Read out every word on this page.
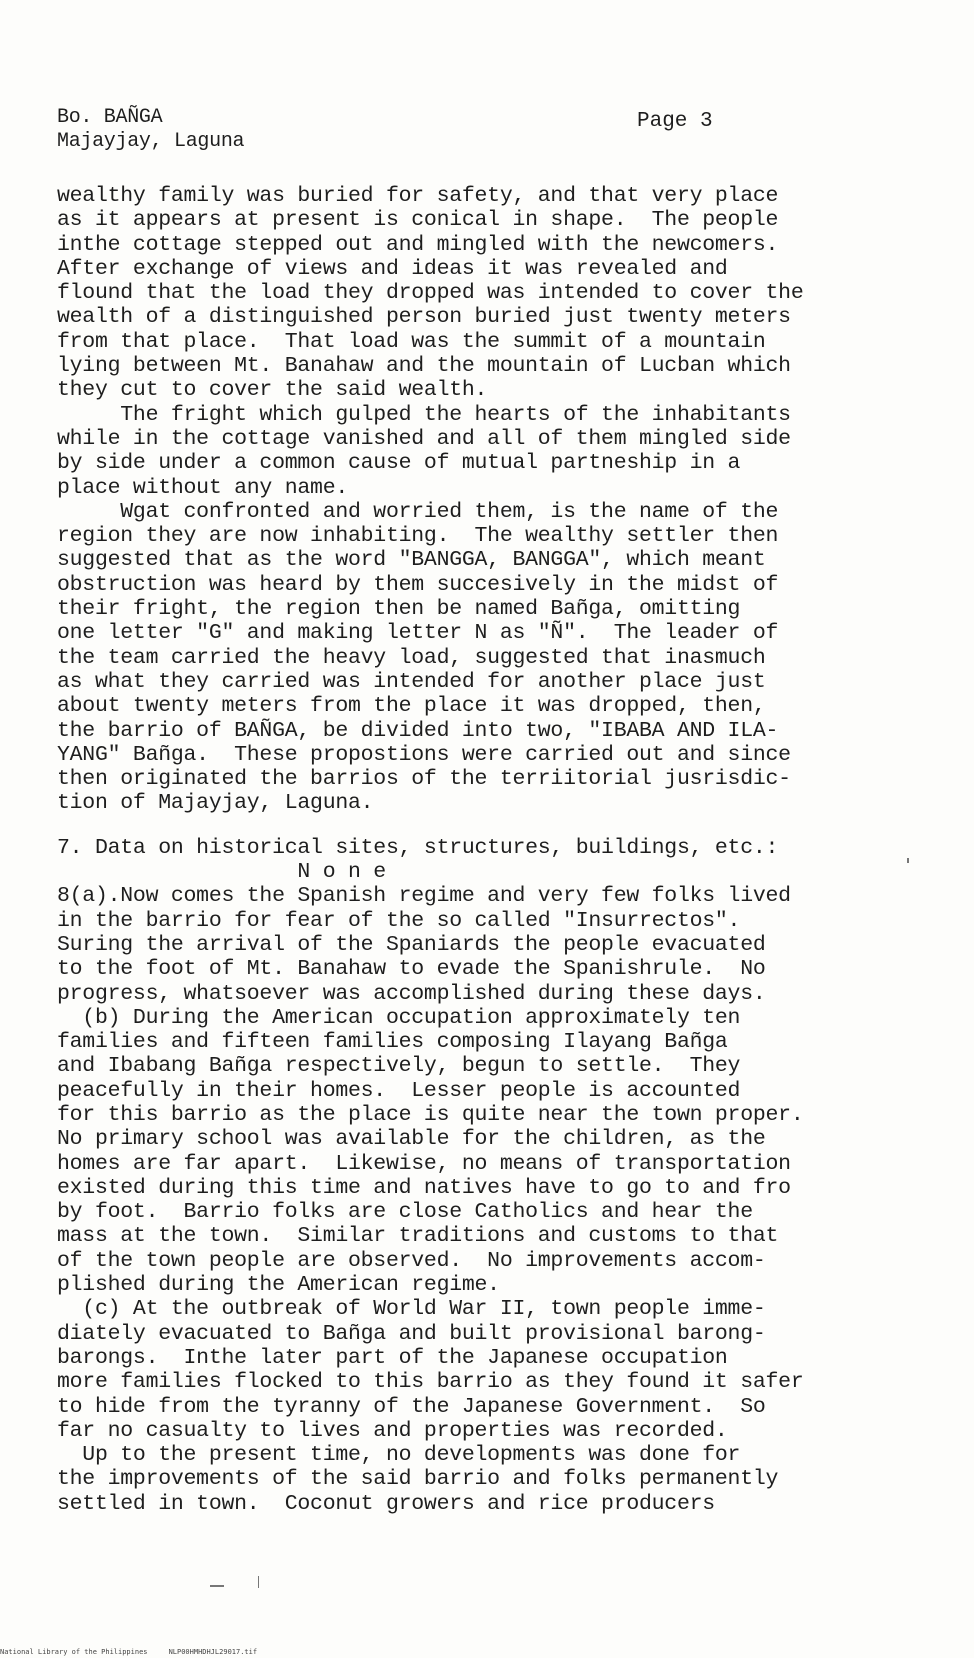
Bo. BAÑGA
Majayjay, Laguna
Page 3
wealthy family was buried for safety, and that very place
as it appears at present is conical in shape.  The people
inthe cottage stepped out and mingled with the newcomers.
After exchange of views and ideas it was revealed and
flound that the load they dropped was intended to cover the
wealth of a distinguished person buried just twenty meters
from that place.  That load was the summit of a mountain
lying between Mt. Banahaw and the mountain of Lucban which
they cut to cover the said wealth.
The fright which gulped the hearts of the inhabitants
while in the cottage vanished and all of them mingled side
by side under a common cause of mutual partneship in a
place without any name.
Wgat confronted and worried them, is the name of the
region they are now inhabiting.  The wealthy settler then
suggested that as the word "BANGGA, BANGGA", which meant
obstruction was heard by them succesively in the midst of
their fright, the region then be named Bañga, omitting
one letter "G" and making letter N as "Ñ".  The leader of
the team carried the heavy load, suggested that inasmuch
as what they carried was intended for another place just
about twenty meters from the place it was dropped, then,
the barrio of BAÑGA, be divided into two, "IBABA AND ILA-
YANG" Bañga.  These propostions were carried out and since
then originated the barrios of the terriitorial jusrisdic-
tion of Majayjay, Laguna.
7. Data on historical sites, structures, buildings, etc.:
N o n e
8(a).Now comes the Spanish regime and very few folks lived
in the barrio for fear of the so called "Insurrectos".
Suring the arrival of the Spaniards the people evacuated
to the foot of Mt. Banahaw to evade the Spanishrule.  No
progress, whatsoever was accomplished during these days.
(b) During the American occupation approximately ten
families and fifteen families composing Ilayang Bañga
and Ibabang Bañga respectively, begun to settle.  They
peacefully in their homes.  Lesser people is accounted
for this barrio as the place is quite near the town proper.
No primary school was available for the children, as the
homes are far apart.  Likewise, no means of transportation
existed during this time and natives have to go to and fro
by foot.  Barrio folks are close Catholics and hear the
mass at the town.  Similar traditions and customs to that
of the town people are observed.  No improvements accom-
plished during the American regime.
(c) At the outbreak of World War II, town people imme-
diately evacuated to Bañga and built provisional barong-
barongs.  Inthe later part of the Japanese occupation
more families flocked to this barrio as they found it safer
to hide from the tyranny of the Japanese Government.  So
far no casualty to lives and properties was recorded.
Up to the present time, no developments was done for
the improvements of the said barrio and folks permanently
settled in town.  Coconut growers and rice producers
National Library of the Philippines     NLP00HMHDHJL29017.tif
